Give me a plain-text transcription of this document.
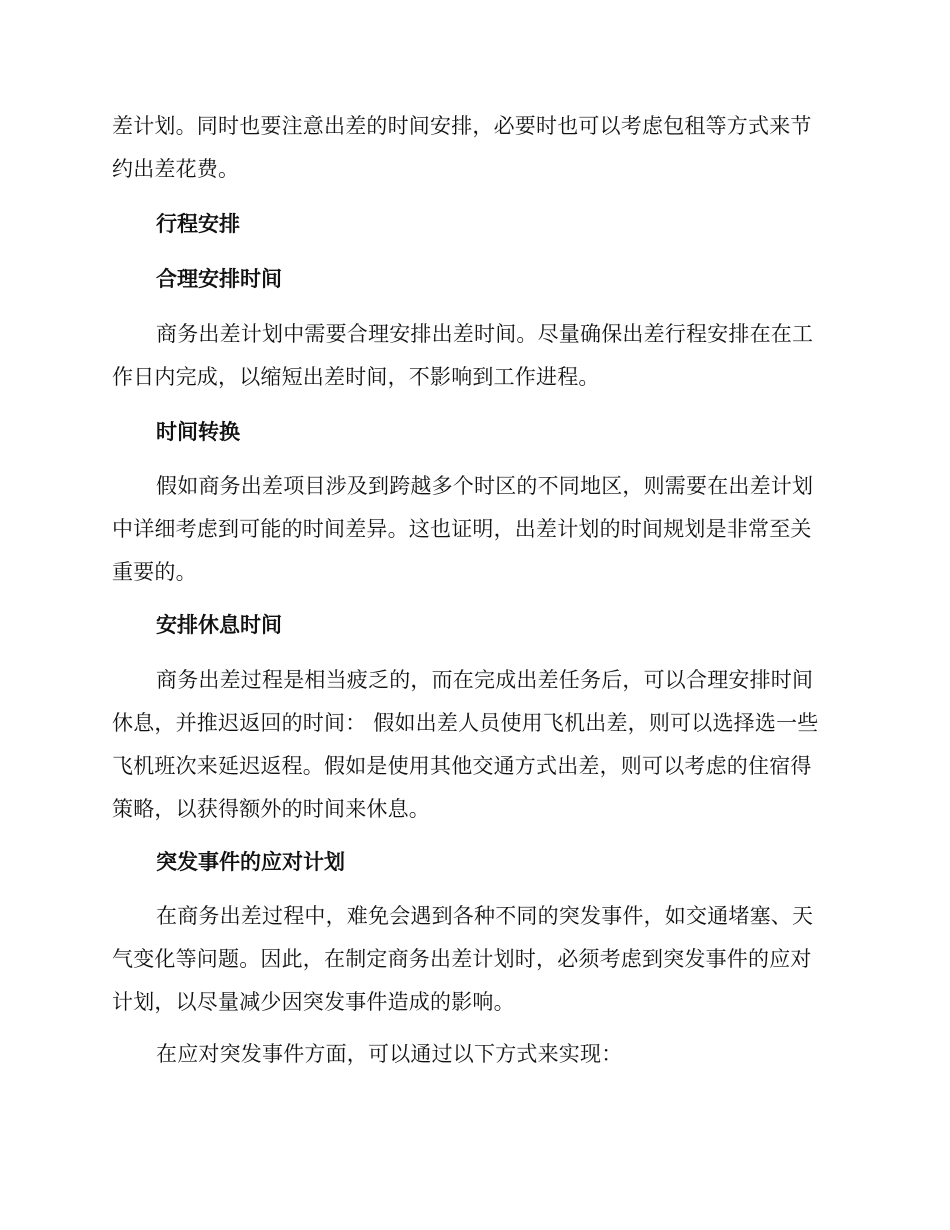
差计划。同时也要注意出差的时间安排，必要时也可以考虑包租等方式来节
约出差花费。

行程安排
合理安排时间

商务出差计划中需要合理安排出差时间。尽量确保出差行程安排在在工
作日内完成，以缩短出差时间，不影响到工作进程。

时间转换

假如商务出差项目涉及到跨越多个时区的不同地区，则需要在出差计划
中详细考虑到可能的时间差异。这也证明，出差计划的时间规划是非常至关
重要的。

安排休息时间

商务出差过程是相当疲乏的，而在完成出差任务后，可以合理安排时间
休息，并推迟返回的时间： 假如出差人员使用飞机出差，则可以选择选一些
飞机班次来延迟返程。假如是使用其他交通方式出差，则可以考虑的住宿得
策略，以获得额外的时间来休息。

突发事件的应对计划

在商务出差过程中，难免会遇到各种不同的突发事件，如交通堵塞、天
气变化等问题。因此，在制定商务出差计划时，必须考虑到突发事件的应对
计划，以尽量减少因突发事件造成的影响。

在应对突发事件方面，可以通过以下方式来实现：
